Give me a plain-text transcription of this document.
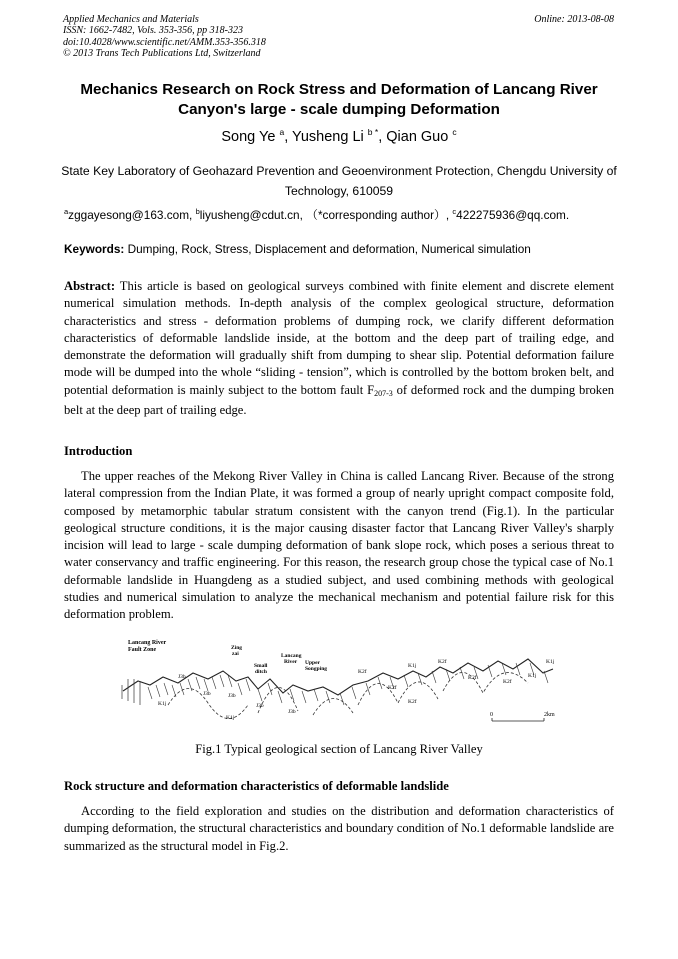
Applied Mechanics and Materials
ISSN: 1662-7482, Vols. 353-356, pp 318-323
doi:10.4028/www.scientific.net/AMM.353-356.318
© 2013 Trans Tech Publications Ltd, Switzerland
Online: 2013-08-08
Mechanics Research on Rock Stress and Deformation of Lancang River Canyon's large - scale dumping Deformation
Song Ye $^a$, Yusheng Li $^{b *}$, Qian Guo $^c$
State Key Laboratory of Geohazard Prevention and Geoenvironment Protection, Chengdu University of Technology, 610059
$^a$zggayesong@163.com, $^b$liyusheng@cdut.cn, （*corresponding author）, $^c$422275936@qq.com.
Keywords: Dumping, Rock, Stress, Displacement and deformation, Numerical simulation
Abstract: This article is based on geological surveys combined with finite element and discrete element numerical simulation methods. In-depth analysis of the complex geological structure, deformation characteristics and stress - deformation problems of dumping rock, we clarify different deformation characteristics of deformable landslide inside, at the bottom and the deep part of trailing edge, and demonstrate the deformation will gradually shift from dumping to shear slip. Potential deformation failure mode will be dumped into the whole “sliding - tension”, which is controlled by the bottom broken belt, and potential deformation is mainly subject to the bottom fault $F_{207-3}$ of deformed rock and the dumping broken belt at the deep part of trailing edge.
Introduction
The upper reaches of the Mekong River Valley in China is called Lancang River. Because of the strong lateral compression from the Indian Plate, it was formed a group of nearly upright compact composite fold, composed by metamorphic tabular stratum consistent with the canyon trend (Fig.1). In the particular geological structure conditions, it is the major causing disaster factor that Lancang River Valley's sharply incision will lead to large - scale dumping deformation of bank slope rock, which poses a serious threat to water conservancy and traffic engineering. For this reason, the research group chose the typical case of No.1 deformable landslide in Huangdeng as a studied subject, and used combining methods with geological studies and numerical simulation to analyze the mechanical mechanism and potential failure risk for this deformation problem.
Lancang River
Fault Zone	Zing
zai
Small
ditch
Lancang
River Upper
Songping
J3b
J3b
K1j
J3b
J3b
K1j
J3b
K2f
K2f
K1j
K2f
K2f
K2f
K1j
K2f
K1j
0	2km
Fig.1 Typical geological section of Lancang River Valley
Rock structure and deformation characteristics of deformable landslide
According to the field exploration and studies on the distribution and deformation characteristics of dumping deformation, the structural characteristics and boundary condition of No.1 deformable landslide are summarized as the structural model in Fig.2.
